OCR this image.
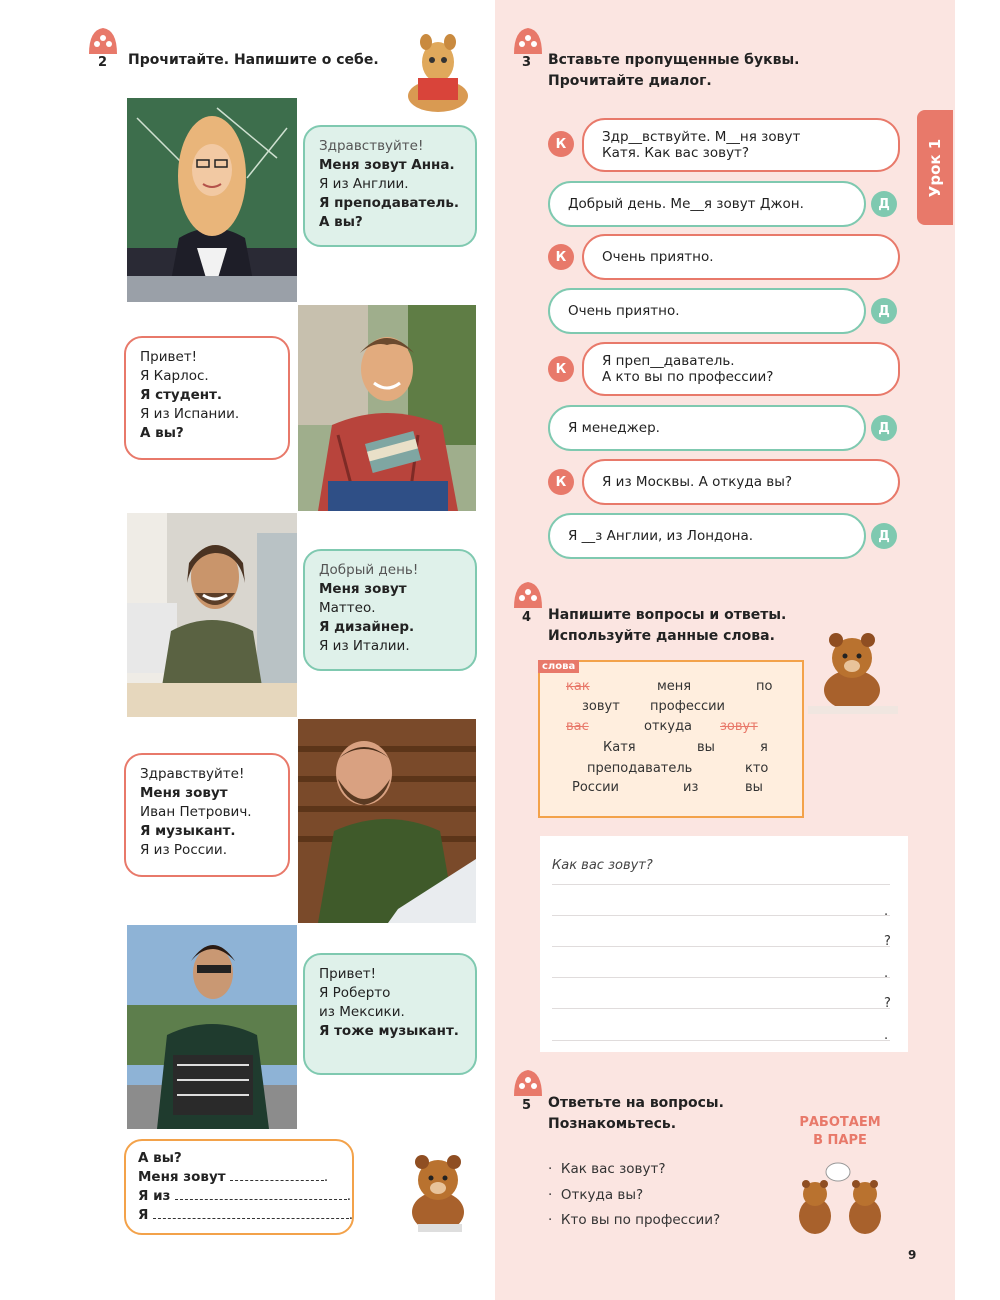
Урок 1
2 Прочитайте. Напишите о себе.
Здравствуйте!
Меня зовут Анна.
Я из Англии.
Я преподаватель.
А вы?
Привет!
Я Карлос.
Я студент.
Я из Испании.
А вы?
Добрый день!
Меня зовут
Маттео.
Я дизайнер.
Я из Италии.
Здравствуйте!
Меня зовут
Иван Петрович.
Я музыкант.
Я из России.
Привет!
Я Роберто
из Мексики.
Я тоже музыкант.
А вы?
Меня зовут	.
Я из	.
Я	.
3 Вставьте пропущенные буквы.
Прочитайте диалог.
К	Здр__вствуйте. М__ня зовут
Катя. Как вас зовут?
Д
Добрый день. Ме__я зовут Джон.
К	Очень приятно.
Д
Очень приятно.
К	Я преп__даватель.
А кто вы по профессии?
Д
Я менеджер.
К	Я из Москвы. А откуда вы?
Д
Я __з Англии, из Лондона.
4 Напишите вопросы и ответы.
Используйте данные слова.
слова
как	меня	по
зовут профессии
вас	откуда зовут
Катя	вы	я
преподаватель	кто
России	из	вы
Как вас зовут?
.
?
.
?
.
5 Ответьте на вопросы.
Познакомьтесь.
·  Как вас зовут?
·  Откуда вы?
·  Кто вы по профессии?
РАБОТАЕМ
В ПАРЕ
9
